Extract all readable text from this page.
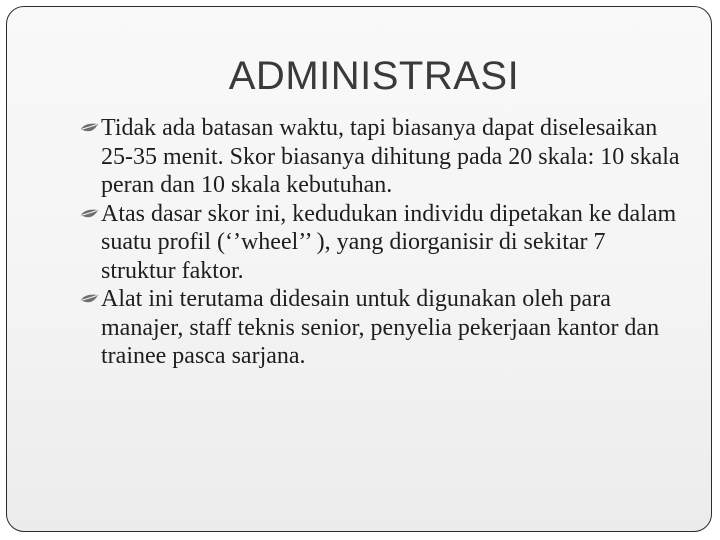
ADMINISTRASI
Tidak ada batasan waktu, tapi biasanya dapat diselesaikan 25-35 menit. Skor biasanya dihitung pada 20 skala: 10 skala peran dan 10 skala kebutuhan.
Atas dasar skor ini, kedudukan individu dipetakan ke dalam suatu profil (‘’wheel’’ ), yang diorganisir di sekitar 7 struktur faktor.
Alat ini terutama didesain untuk digunakan oleh para manajer, staff teknis senior, penyelia pekerjaan kantor dan trainee pasca sarjana.
